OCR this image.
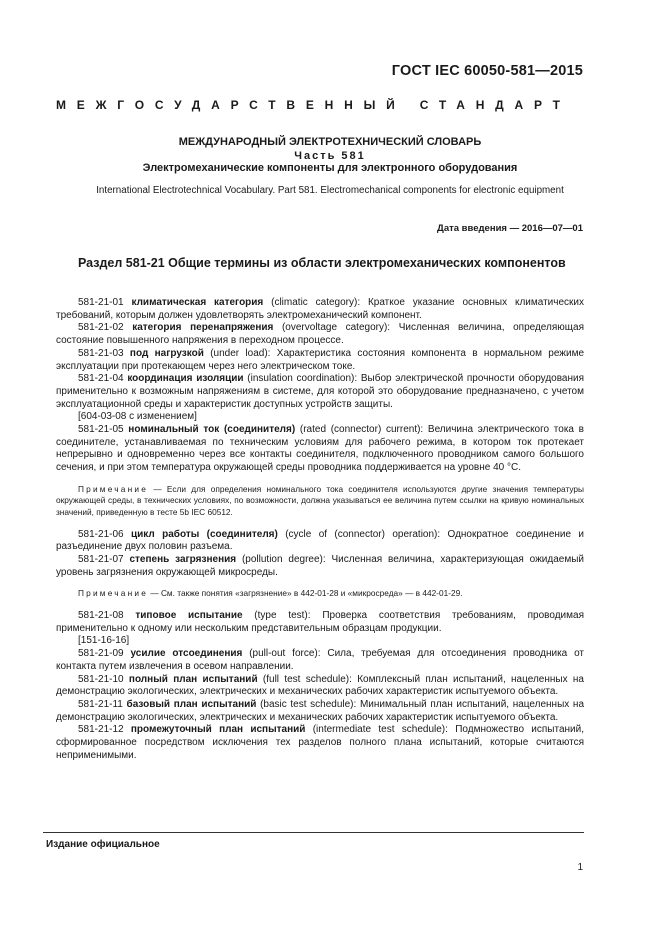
ГОСТ IEC 60050-581—2015
МЕЖГОСУДАРСТВЕННЫЙ СТАНДАРТ
МЕЖДУНАРОДНЫЙ ЭЛЕКТРОТЕХНИЧЕСКИЙ СЛОВАРЬ
Часть 581
Электромеханические компоненты для электронного оборудования
International Electrotechnical Vocabulary. Part 581. Electromechanical components for electronic equipment
Дата введения — 2016—07—01
Раздел 581-21 Общие термины из области электромеханических компонентов

581-21-01 климатическая категория (climatic category): Краткое указание основных климатических требований, которым должен удовлетворять электромеханический компонент.

581-21-02 категория перенапряжения (overvoltage category): Численная величина, определяющая состояние повышенного напряжения в переходном процессе.

581-21-03 под нагрузкой (under load): Характеристика состояния компонента в нормальном режиме эксплуатации при протекающем через него электрическом токе.

581-21-04 координация изоляции (insulation coordination): Выбор электрической прочности оборудования применительно к возможным напряжениям в системе, для которой это оборудование предназначено, с учетом эксплуатационной среды и характеристик доступных устройств защиты.

[604-03-08 с изменением]

581-21-05 номинальный ток (соединителя) (rated (connector) current): Величина электрического тока в соединителе, устанавливаемая по техническим условиям для рабочего режима, в котором ток протекает непрерывно и одновременно через все контакты соединителя, подключенного проводником самого большого сечения, и при этом температура окружающей среды проводника поддерживается на уровне 40 °С.

Примечание — Если для определения номинального тока соединителя используются другие значения температуры окружающей среды, в технических условиях, по возможности, должна указываться ее величина путем ссылки на кривую номинальных значений, приведенную в тесте 5b IEC 60512.

581-21-06 цикл работы (соединителя) (cycle of (connector) operation): Однократное соединение и разъединение двух половин разъема.

581-21-07 степень загрязнения (pollution degree): Численная величина, характеризующая ожидаемый уровень загрязнения окружающей микросреды.

Примечание — См. также понятия «загрязнение» в 442-01-28 и «микросреда» — в 442-01-29.

581-21-08 типовое испытание (type test): Проверка соответствия требованиям, проводимая применительно к одному или нескольким представительным образцам продукции.

[151-16-16]

581-21-09 усилие отсоединения (pull-out force): Сила, требуемая для отсоединения проводника от контакта путем извлечения в осевом направлении.

581-21-10 полный план испытаний (full test schedule): Комплексный план испытаний, нацеленных на демонстрацию экологических, электрических и механических рабочих характеристик испытуемого объекта.

581-21-11 базовый план испытаний (basic test schedule): Минимальный план испытаний, нацеленных на демонстрацию экологических, электрических и механических рабочих характеристик испытуемого объекта.

581-21-12 промежуточный план испытаний (intermediate test schedule): Подмножество испытаний, сформированное посредством исключения тех разделов полного плана испытаний, которые считаются неприменимыми.

Издание официальное
1
